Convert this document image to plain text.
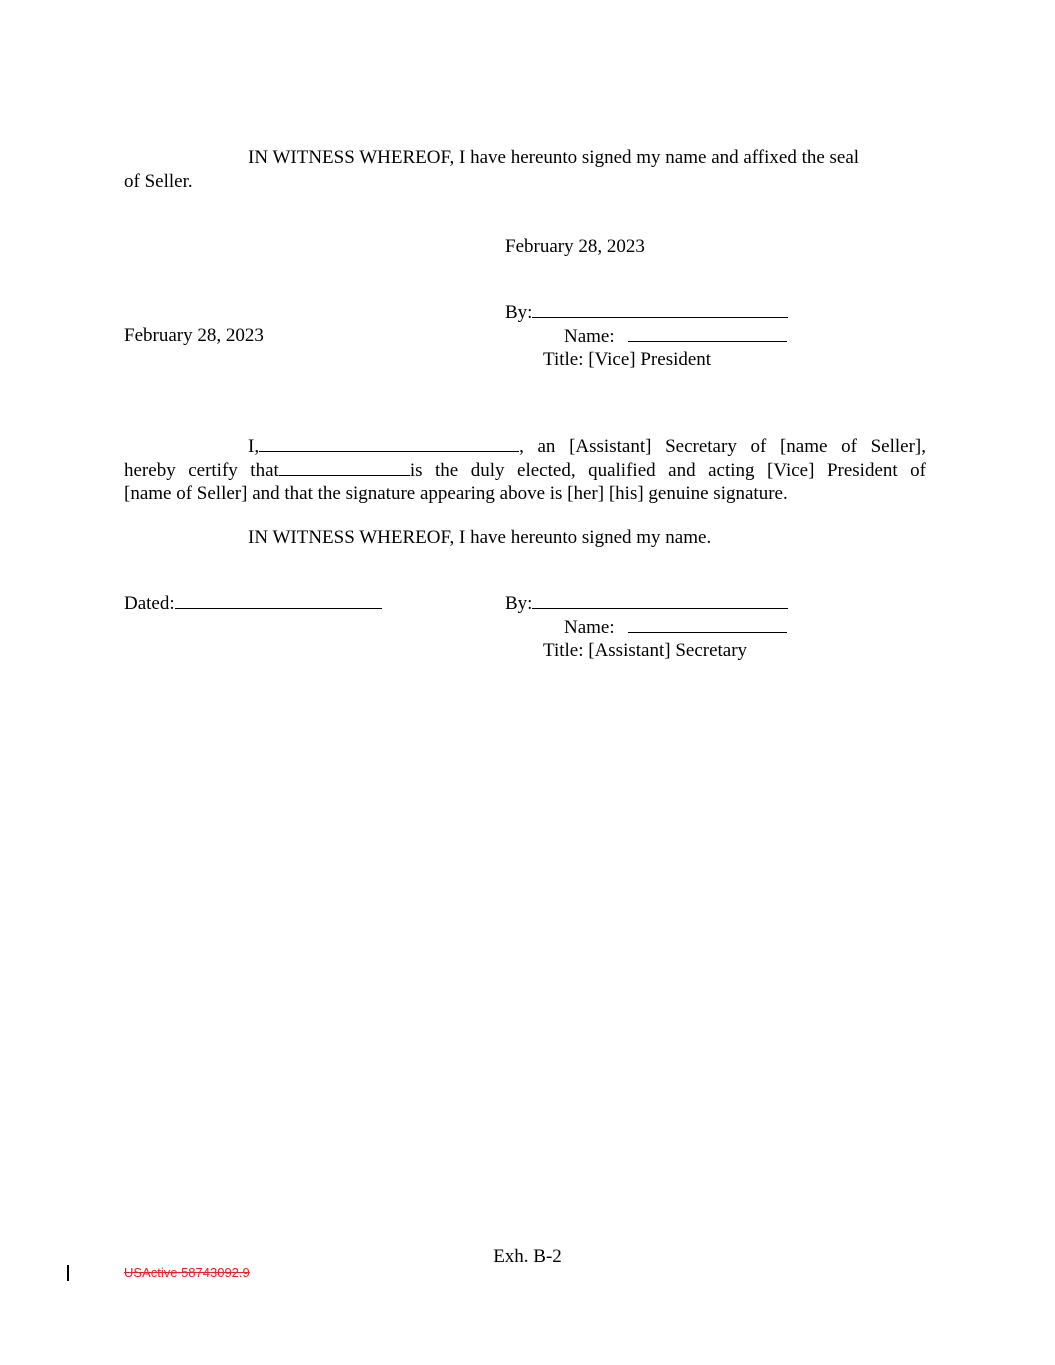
IN WITNESS WHEREOF, I have hereunto signed my name and affixed the seal
of Seller.
February 28, 2023
By:
February 28, 2023	Name:
Title: [Vice] President
I,	, an [Assistant] Secretary of [name of Seller],
hereby certify that	is the duly elected, qualified and acting [Vice] President of
[name of Seller] and that the signature appearing above is [her] [his] genuine signature.
IN WITNESS WHEREOF, I have hereunto signed my name.
Dated:	By:
Name:
Title: [Assistant] Secretary
Exh. B-2
USActive 58743092.9
